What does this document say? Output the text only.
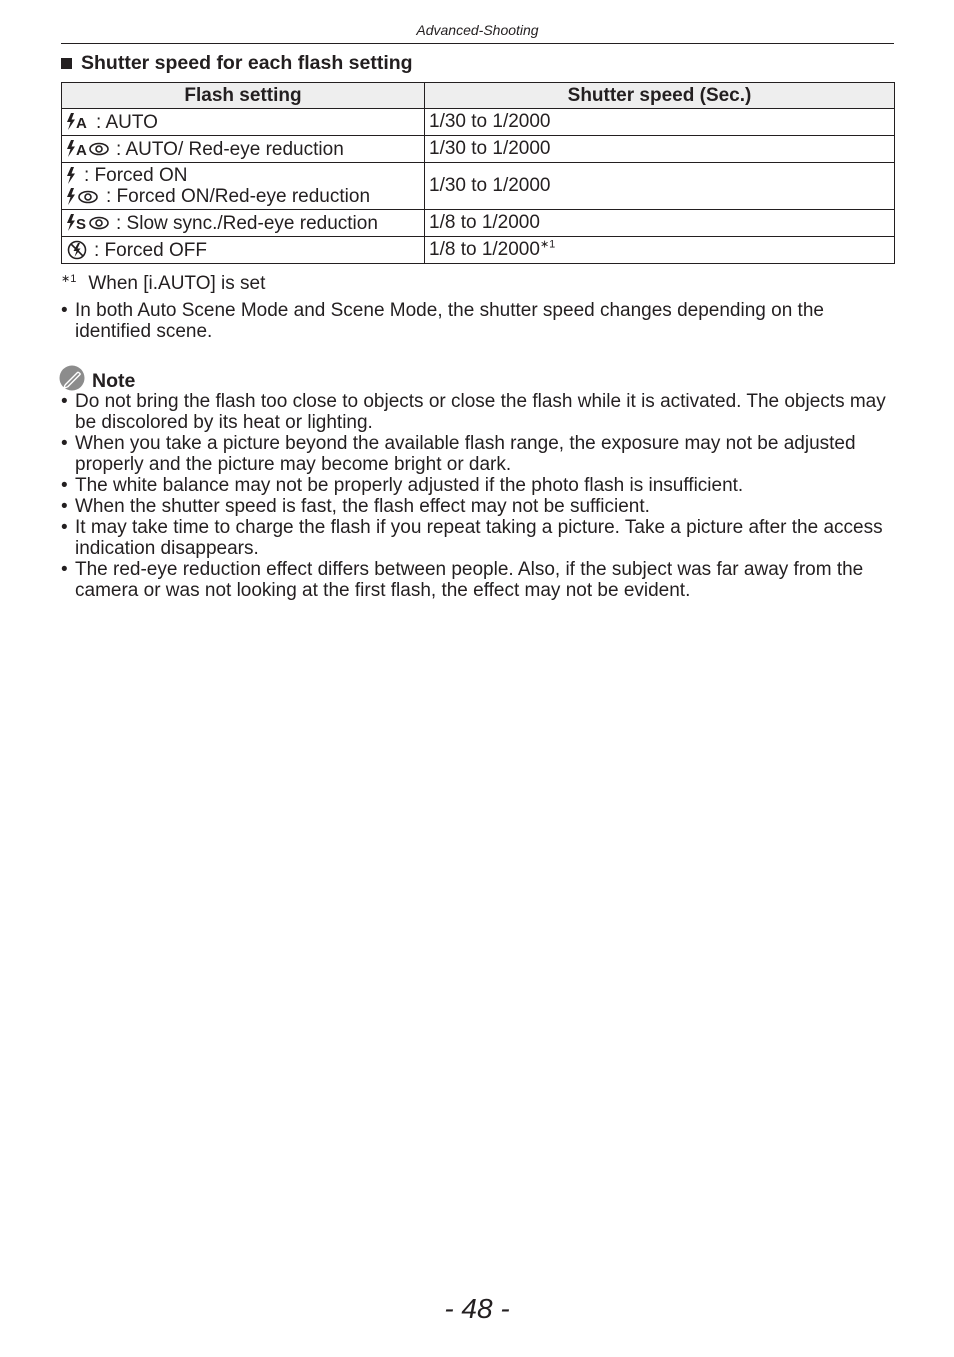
Advanced-Shooting
Shutter speed for each flash setting
Flash setting	Shutter speed (Sec.)

A : AUTO	1/30 to 1/2000

A : AUTO/ Red-eye reduction	1/30 to 1/2000

: Forced ON
: Forced ON/Red-eye reduction	1/30 to 1/2000

S : Slow sync./Red-eye reduction	1/8 to 1/2000

: Forced OFF	1/8 to 1/2000$^{∗1}$
$^{∗1}$ When [i.AUTO] is set
• In both Auto Scene Mode and Scene Mode, the shutter speed changes depending on the identified scene.
Note
• Do not bring the flash too close to objects or close the flash while it is activated. The objects may be discolored by its heat or lighting.
• When you take a picture beyond the available flash range, the exposure may not be adjusted properly and the picture may become bright or dark.
• The white balance may not be properly adjusted if the photo flash is insufficient.
• When the shutter speed is fast, the flash effect may not be sufficient.
• It may take time to charge the flash if you repeat taking a picture. Take a picture after the access indication disappears.
• The red-eye reduction effect differs between people. Also, if the subject was far away from the camera or was not looking at the first flash, the effect may not be evident.
- 48 -
